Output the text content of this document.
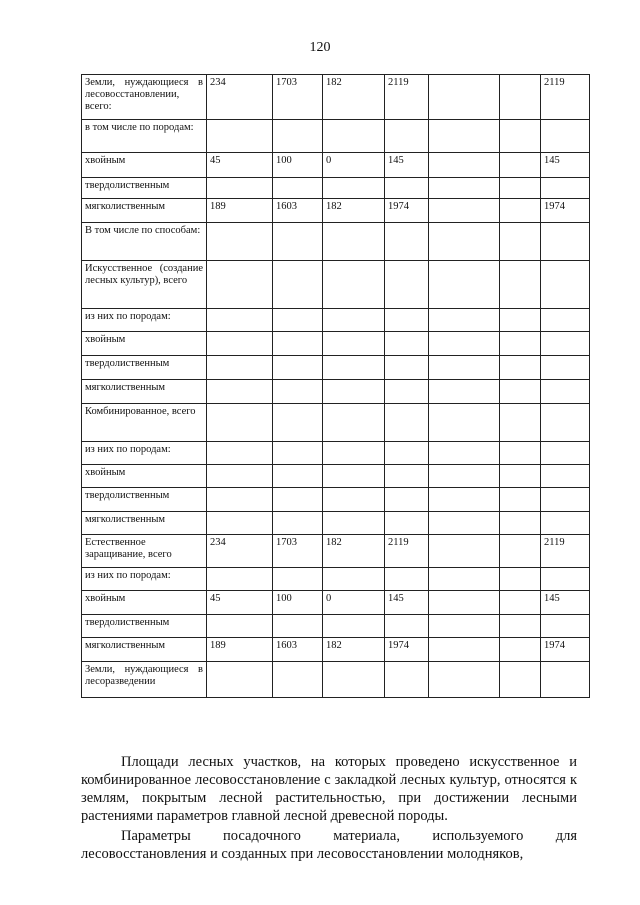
120
Земли, нуждающиеся в лесовосстановлении, всего:	234	1703	182	2119			2119
в том числе по породам:							
хвойным	45	100	0	145			145
твердолиственным							
мягколиственным	189	1603	182	1974			1974
В том числе по способам:							
Искусственное (создание лесных культур), всего							
из них по породам:							
хвойным							
твердолиственным							
мягколиственным							
Комбинированное, всего							
из них по породам:							
хвойным							
твердолиственным							
мягколиственным							
Естественное заращивание, всего	234	1703	182	2119			2119
из них по породам:							
хвойным	45	100	0	145			145
твердолиственным							
мягколиственным	189	1603	182	1974			1974
Земли, нуждающиеся в лесоразведении							

Площади лесных участков, на которых проведено искусственное и комбинированное лесовосстановление с закладкой лесных культур, относятся к землям, покрытым лесной растительностью, при достижении лесными растениями параметров главной лесной древесной породы.

Параметры посадочного материала, используемого для лесовосстановления и созданных при лесовосстановлении молодняков,
